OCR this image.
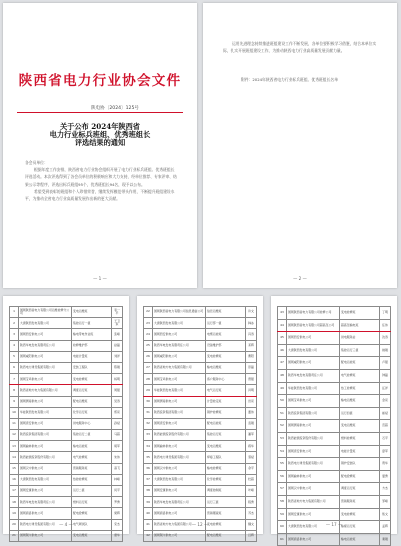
陕西省电力行业协会文件
陕电协〔2024〕125号
关于公布 2024年陕西省
电力行业标兵班组、优秀班组长
评选结果的通知

各会员单位：

根据年度工作安排，陕西省电力行业协会组织开展了电力行业标兵班组、优秀班组长评选活动。本次评选得到了各会员单位的积极响应和大力支持，经单位推荐、专家评审、结果公示等程序，评选出标兵班组95个，优秀班组长94名，现予以公布。

希望受到表彰的班组和个人珍惜荣誉，继续发挥模范带头作用，不断提升班组建设水平，为推动全省电力行业高质量发展作出新的更大贡献。

— 1 —

运用先进理念持续推进班组建设工作不断发展，各单位要积极学习借鉴，结合本单位实际，扎实开展班组建设工作，为推动陕西电力行业高质量发展贡献力量。

附件：2024年陕西省电力行业标兵班组、优秀班组长名单
— 2 —
1	国网陕西省电力有限公司运维检修分公司	变电运维班	李一平
2	大唐陕西发电有限公司	集控运行一值	王卫东
3	国网西安供电公司	输电带电作业班	张峰
4	陕西华电发电有限责任公司	检修维护部	赵磊
5	国网咸阳供电公司	电能计量班	刘洋
6	陕西电力建设集团有限公司	安装工程队	陈刚
7	国网宝鸡供电公司	变电检修班	杨明
8	陕西省地方电力集团有限公司	调度运行班	周强
9	国网渭南供电公司	配电运维班	吴涛
10	华能陕西发电有限公司	化学运行班	郑亮
11	国网延安供电公司	供电服务中心	孙斌
12	陕西投资集团有限公司	集控运行二值	马超
13	国网榆林供电公司	输电运检班	胡军
14	陕西能源投资股份有限公司	电气检修班	朱伟
15	国网汉中供电公司	营销服务班	高飞
16	大唐陕西发电有限公司	热控检修班	林峰
17	国网安康供电公司	运行二值	何平
18	陕西华电发电有限责任公司	燃料运行班	罗勇
19	国网商洛供电公司	配电抢修班	梁辉
20	陕西电力建设集团有限公司	电气调试队	宋杰
21	国网铜川供电公司	变电运维班	唐华
— 4 —
22	国网陕西省电力有限公司信息通信公司	信息运维班	许文
23	大唐陕西发电有限公司	运行部一值	韩冰
24	国网西安供电公司	电缆运检班	冯涛
25	陕西华电发电有限责任公司	设备维护部	邓辉
26	国网咸阳供电公司	变电检修班	曹阳
27	陕西省地方电力集团有限公司	输电运维班	彭磊
28	国网宝鸡供电公司	客户服务中心	曾强
29	华能陕西发电有限公司	电气运行班	肖明
30	国网渭南供电公司	计量检定班	田亮
31	陕西投资集团有限公司	锅炉检修班	董伟
32	国网延安供电公司	配电运检班	袁刚
33	陕西能源投资股份有限公司	集控运行班	潘军
34	国网榆林供电公司	变电运维班	蒋华
35	陕西电力建设集团有限公司	焊接工程队	蔡斌
36	国网汉中供电公司	输电检修班	余平
37	大唐陕西发电有限公司	化学检修班	杜超
38	国网安康供电公司	调度控制班	叶峰
39	陕西华电发电有限责任公司	运行三值	程勇
40	国网商洛供电公司	营销稽查班	苏杰
41	陕西省地方电力集团有限公司	变电检修班	魏文
42	国网铜川供电公司	配电运维班	吕辉
— 12 —
43	国网陕西省电力有限公司检修公司	变电检修班	丁明
44	国网陕西省电力有限公司超高压公司	超高压输电班	任伟
45	国网西安供电公司	供电服务站	沈涛
46	大唐陕西发电有限公司	集控运行三值	姚刚
47	国网咸阳供电公司	配电运检班	卢强
48	陕西华电发电有限责任公司	电气检修班	钟磊
49	华能陕西发电有限公司	热工检修班	汪洋
50	国网宝鸡供电公司	输电运维班	金亮
51	陕西投资集团有限公司	运行四值	崔斌
52	国网渭南供电公司	变电运维班	范超
53	陕西能源投资股份有限公司	燃料检修班	石平
54	国网延安供电公司	电能计量班	廖军
55	陕西电力建设集团有限公司	锅炉安装队	贾华
56	国网榆林供电公司	配电抢修班	夏勇
57	国网汉中供电公司	调度运行班	方杰
58	陕西省地方电力集团有限公司	营销服务班	邹峰
59	国网安康供电公司	变电检修班	熊文
60	大唐陕西发电有限公司	输煤运行班	孟辉
61	国网商洛供电公司	输电运检班	秦刚
— 17 —
